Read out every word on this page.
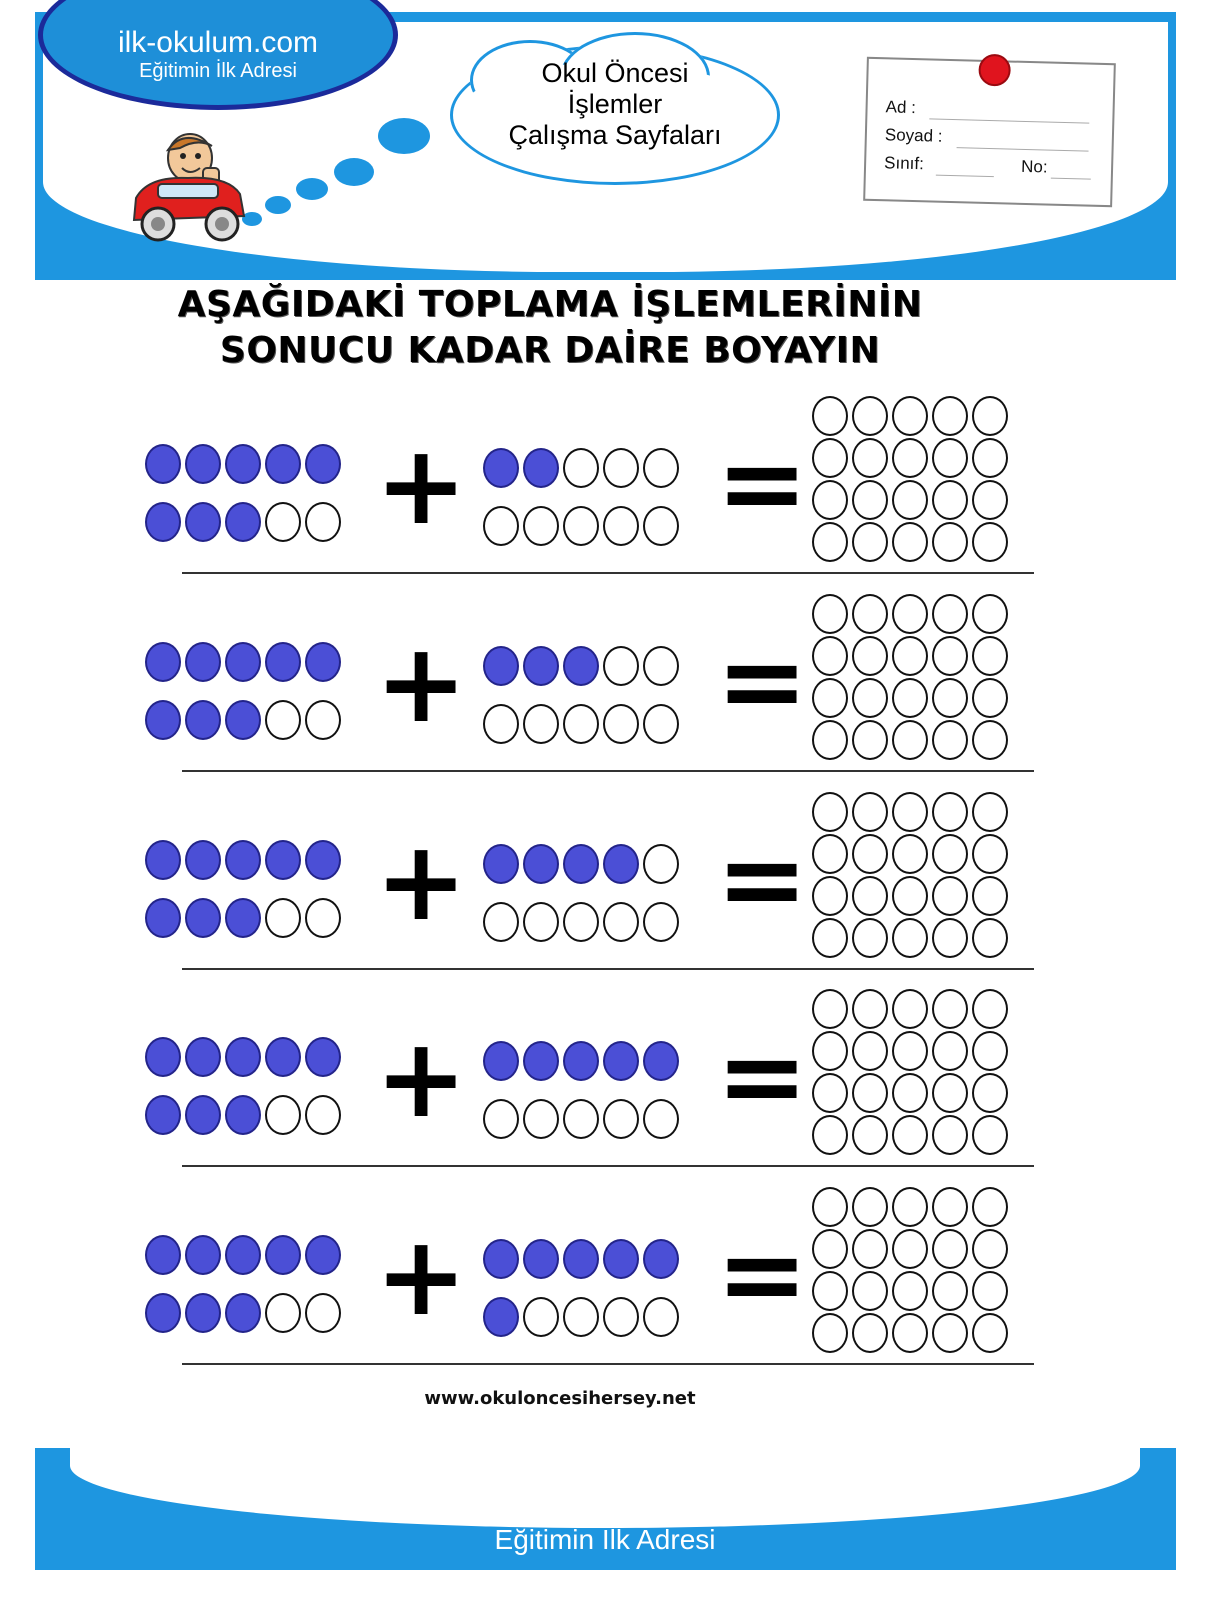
ilk-okulum.com
Eğitimin İlk Adresi	Okul Öncesi
İşlemler
Çalışma Sayfaları
Ad :
Soyad :
Sınıf:	No:
AŞAĞIDAKİ TOPLAMA İŞLEMLERİNİN
SONUCU KADAR DAİRE BOYAYIN
+ =
+ =
+ =
+ =
+ =
www.okuloncesihersey.net
ilk-okulum.com
Eğitimin İlk Adresi
